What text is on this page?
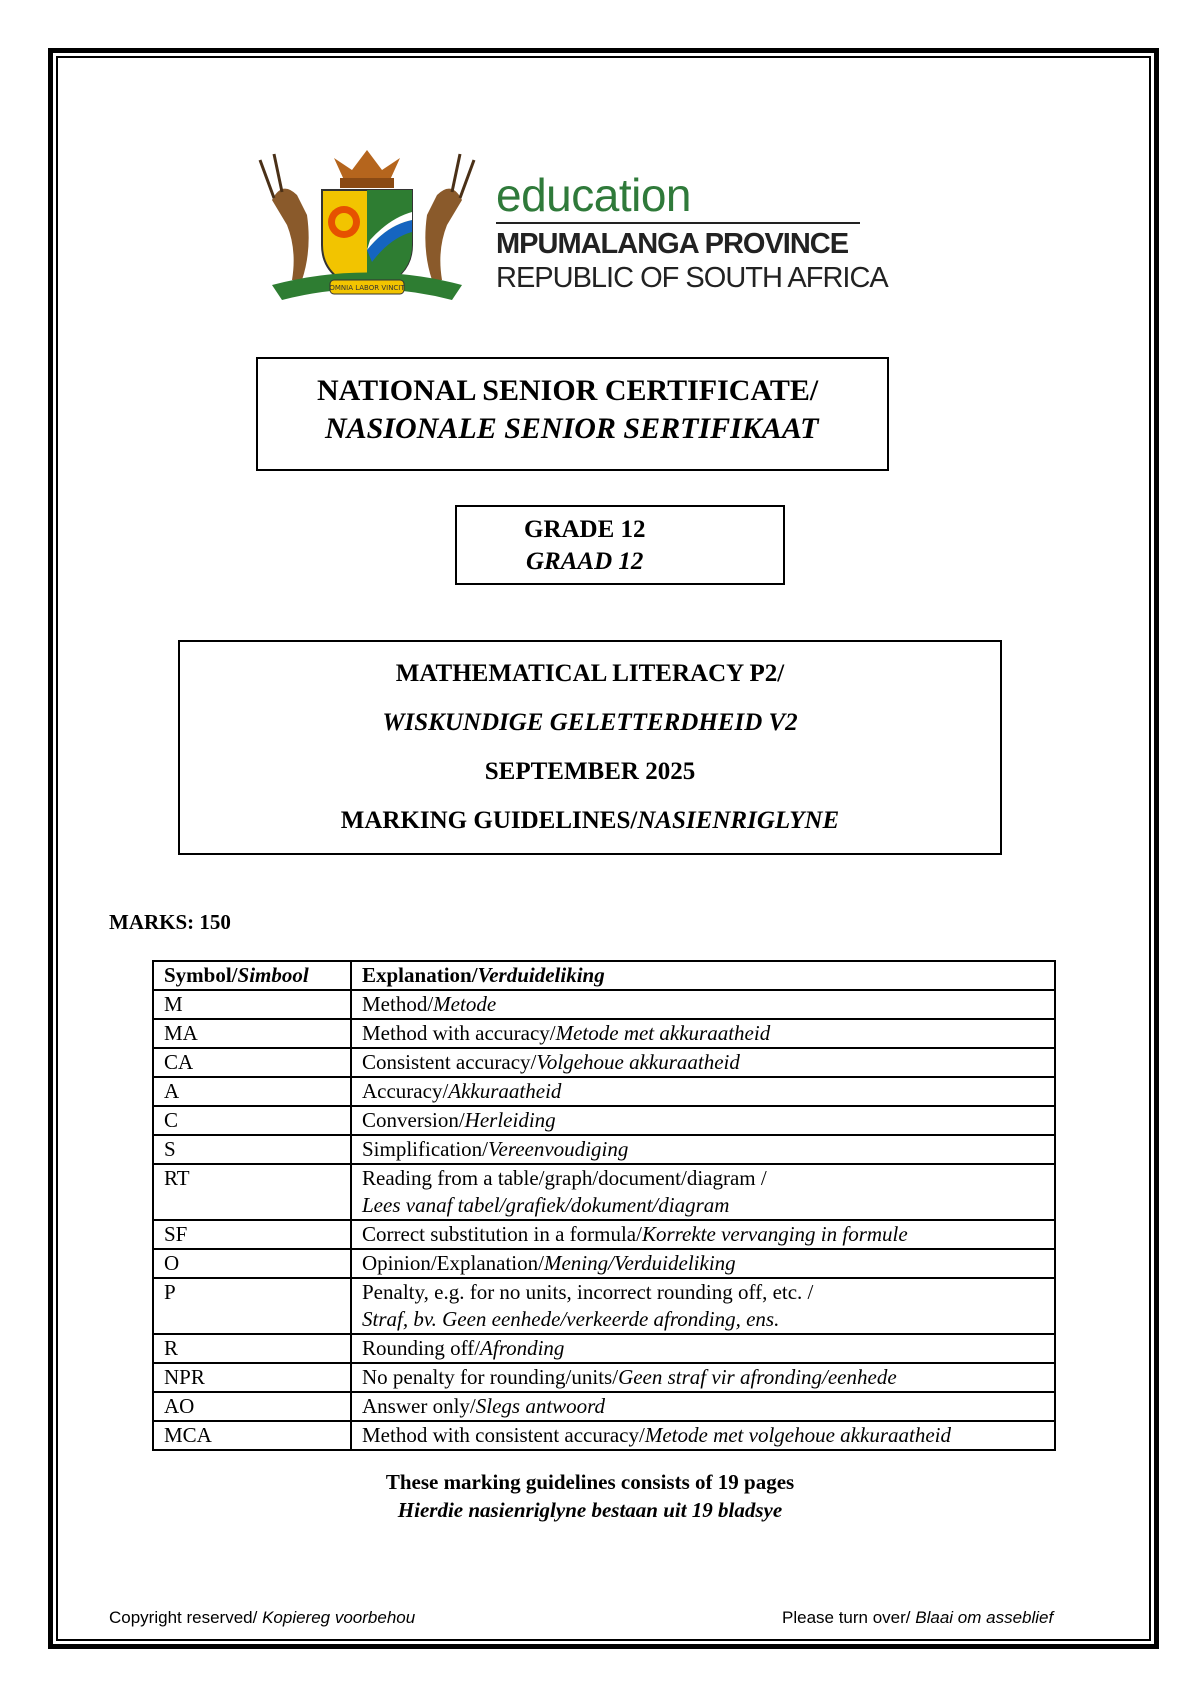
OMNIA LABOR VINCIT
education
MPUMALANGA PROVINCE
REPUBLIC OF SOUTH AFRICA
NATIONAL SENIOR CERTIFICATE/
NASIONALE SENIOR SERTIFIKAAT
GRADE 12
GRAAD 12
MATHEMATICAL LITERACY P2/
WISKUNDIGE GELETTERDHEID V2
SEPTEMBER 2025
MARKING GUIDELINES/NASIENRIGLYNE
MARKS: 150
Symbol/Simbool	Explanation/Verduideliking
M	Method/Metode
MA	Method with accuracy/Metode met akkuraatheid
CA	Consistent accuracy/Volgehoue akkuraatheid
A	Accuracy/Akkuraatheid
C	Conversion/Herleiding
S	Simplification/Vereenvoudiging
RT	Reading from a table/graph/document/diagram /
Lees vanaf tabel/grafiek/dokument/diagram
SF	Correct substitution in a formula/Korrekte vervanging in formule
O	Opinion/Explanation/Mening/Verduideliking
P	Penalty, e.g. for no units, incorrect rounding off, etc. /
Straf, bv. Geen eenhede/verkeerde afronding, ens.
R	Rounding off/Afronding
NPR	No penalty for rounding/units/Geen straf vir afronding/eenhede
AO	Answer only/Slegs antwoord
MCA	Method with consistent accuracy/Metode met volgehoue akkuraatheid
These marking guidelines consists of 19 pages
Hierdie nasienriglyne bestaan uit 19 bladsye
Copyright reserved/ Kopiereg voorbehou	Please turn over/ Blaai om asseblief
